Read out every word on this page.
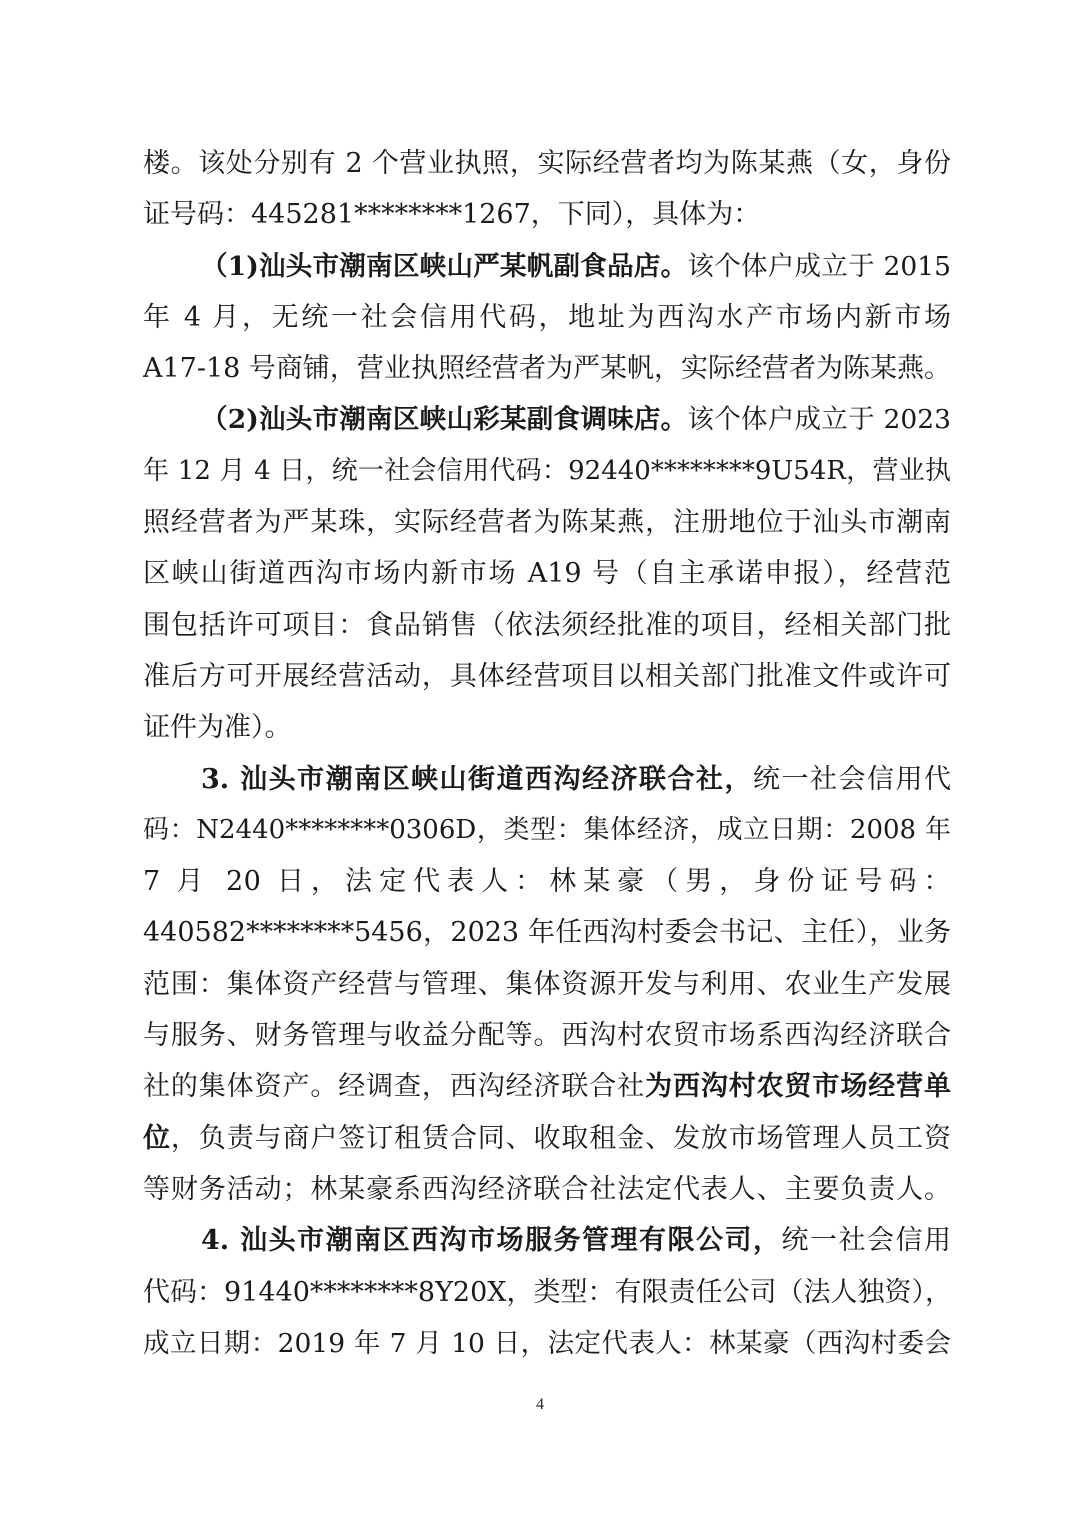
楼。该处分别有 2 个营业执照，实际经营者均为陈某燕（女，身份
证号码：445281********1267，下同），具体为：
（1)汕头市潮南区峡山严某帆副食品店。该个体户成立于 2015
年 4 月，无统一社会信用代码，地址为西沟水产市场内新市场
A17-18 号商铺，营业执照经营者为严某帆，实际经营者为陈某燕。
（2)汕头市潮南区峡山彩某副食调味店。该个体户成立于 2023
年 12 月 4 日，统一社会信用代码：92440********9U54R，营业执
照经营者为严某珠，实际经营者为陈某燕，注册地位于汕头市潮南
区峡山街道西沟市场内新市场 A19 号（自主承诺申报），经营范
围包括许可项目：食品销售（依法须经批准的项目，经相关部门批
准后方可开展经营活动，具体经营项目以相关部门批准文件或许可
证件为准）。
3. 汕头市潮南区峡山街道西沟经济联合社，统一社会信用代
码：N2440********0306D，类型：集体经济，成立日期：2008 年
7 月 20 日，法定代表人：林某豪（男，身份证号码：
440582********5456，2023 年任西沟村委会书记、主任），业务
范围：集体资产经营与管理、集体资源开发与利用、农业生产发展
与服务、财务管理与收益分配等。西沟村农贸市场系西沟经济联合
社的集体资产。经调查，西沟经济联合社为西沟村农贸市场经营单
位，负责与商户签订租赁合同、收取租金、发放市场管理人员工资
等财务活动；林某豪系西沟经济联合社法定代表人、主要负责人。
4. 汕头市潮南区西沟市场服务管理有限公司，统一社会信用
代码：91440********8Y20X，类型：有限责任公司（法人独资），
成立日期：2019 年 7 月 10 日，法定代表人：林某豪（西沟村委会
4
